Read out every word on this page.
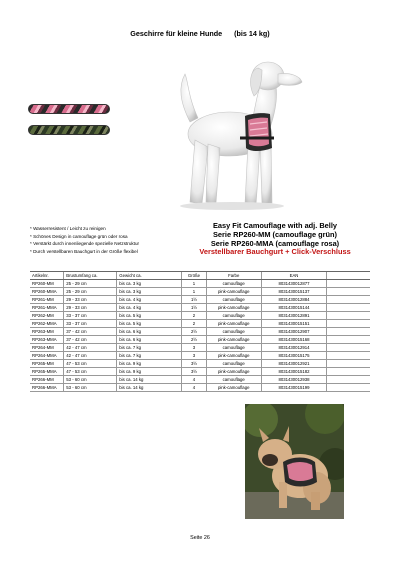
Geschirre für kleine Hunde      (bis 14 kg)
* Wasserresistent / Leicht zu reinigen
* Schönes Design in camouflage grün oder rosa
* Verstärkt durch innenliegende spezielle Netzstruktur
* Durch verstellbaren Bauchgurt in der Größe flexibel
Easy Fit Camouflage with adj. Belly
Serie RP260-MM (camouflage grün)
Serie RP260-MMA (camouflage rosa)
Verstellbarer Bauchgurt + Click-Verschluss
Artikelnr.	Brustumfang ca.	Gewicht ca.	Größe	Farbe	EAN	
RP260-MM	25 - 29 cm	bis ca. 3 kg	1	camouflage	8031430012877	
RP260-MMA	25 - 29 cm	bis ca. 3 kg	1	pink-camouflage	8031430015137	
RP261-MM	29 - 33 cm	bis ca. 4 kg	1½	camouflage	8031430012884	
RP261-MMA	29 - 33 cm	bis ca. 4 kg	1½	pink-camouflage	8031430015144	
RP262-MM	33 - 37 cm	bis ca. 5 kg	2	camouflage	8031430012891	
RP262-MMA	33 - 37 cm	bis ca. 5 kg	2	pink-camouflage	8031430015151	
RP263-MM	37 - 42 cm	bis ca. 6 kg	2½	camouflage	8031430012907	
RP263-MMA	37 - 42 cm	bis ca. 6 kg	2½	pink-camouflage	8031430015168	
RP264-MM	42 - 47 cm	bis ca. 7 kg	3	camouflage	8031430012914	
RP264-MMA	42 - 47 cm	bis ca. 7 kg	3	pink-camouflage	8031430015175	
RP265-MM	47 - 53 cm	bis ca. 9 kg	3½	camouflage	8031430012921	
RP265-MMA	47 - 53 cm	bis ca. 9 kg	3½	pink-camouflage	8031430015182	
RP266-MM	53 - 60 cm	bis ca. 14 kg	4	camouflage	8031430012938	
RP266-MMA	53 - 60 cm	bis ca. 14 kg	4	pink-camouflage	8031430015199	
Seite 26
